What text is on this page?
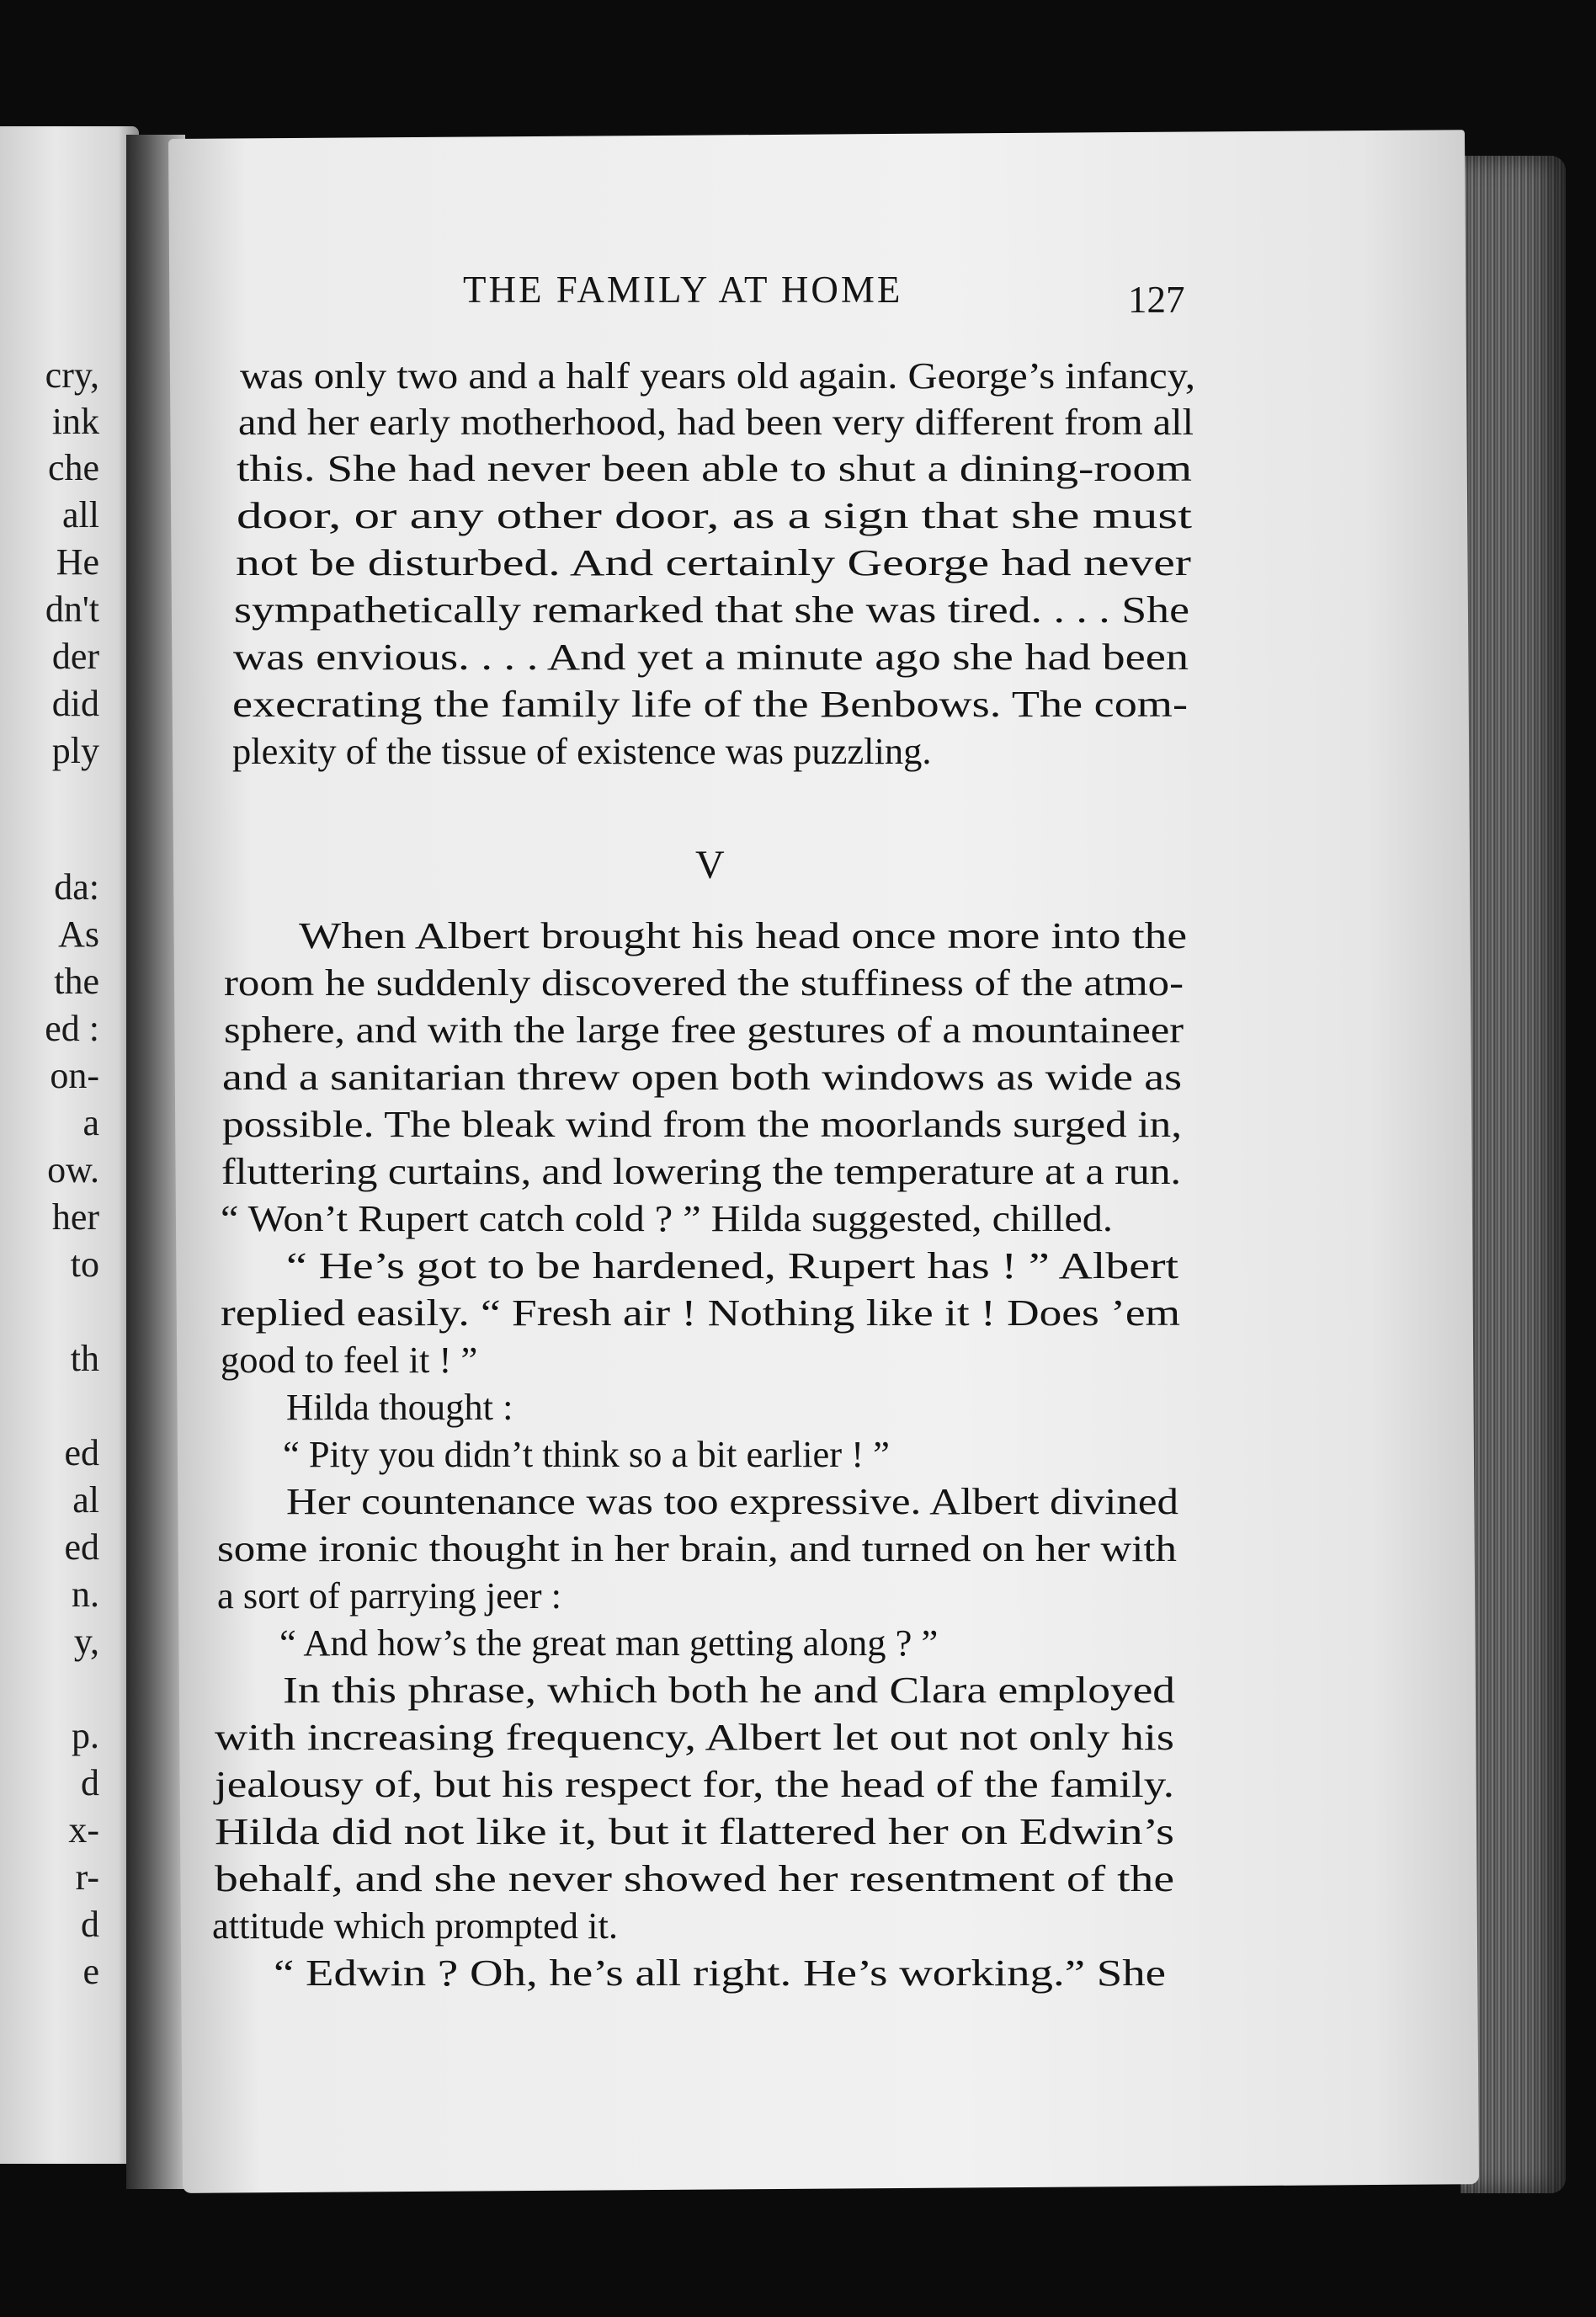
cry,
ink
che
all
He
dn't
der
did
ply
da:
As
the
ed :
on-
a
ow.
her
to
th
ed
al
ed
n.
y,
p.
d
x-
r-
d
e
THE FAMILY AT HOME	127
V
was only two and a half years old again. George’s infancy,
and her early motherhood, had been very different from all
this. She had never been able to shut a dining-room
door, or any other door, as a sign that she must
not be disturbed. And certainly George had never
sympathetically remarked that she was tired. . . . She
was envious. . . . And yet a minute ago she had been
execrating the family life of the Benbows. The com-
plexity of the tissue of existence was puzzling.
When Albert brought his head once more into the
room he suddenly discovered the stuffiness of the atmo-
sphere, and with the large free gestures of a mountaineer
and a sanitarian threw open both windows as wide as
possible. The bleak wind from the moorlands surged in,
fluttering curtains, and lowering the temperature at a run.
“ Won’t Rupert catch cold ? ” Hilda suggested, chilled.
“ He’s got to be hardened, Rupert has ! ” Albert
replied easily. “ Fresh air ! Nothing like it ! Does ’em
good to feel it ! ”
Hilda thought :
“ Pity you didn’t think so a bit earlier ! ”
Her countenance was too expressive. Albert divined
some ironic thought in her brain, and turned on her with
a sort of parrying jeer :
“ And how’s the great man getting along ? ”
In this phrase, which both he and Clara employed
with increasing frequency, Albert let out not only his
jealousy of, but his respect for, the head of the family.
Hilda did not like it, but it flattered her on Edwin’s
behalf, and she never showed her resentment of the
attitude which prompted it.
“ Edwin ? Oh, he’s all right. He’s working.” She
